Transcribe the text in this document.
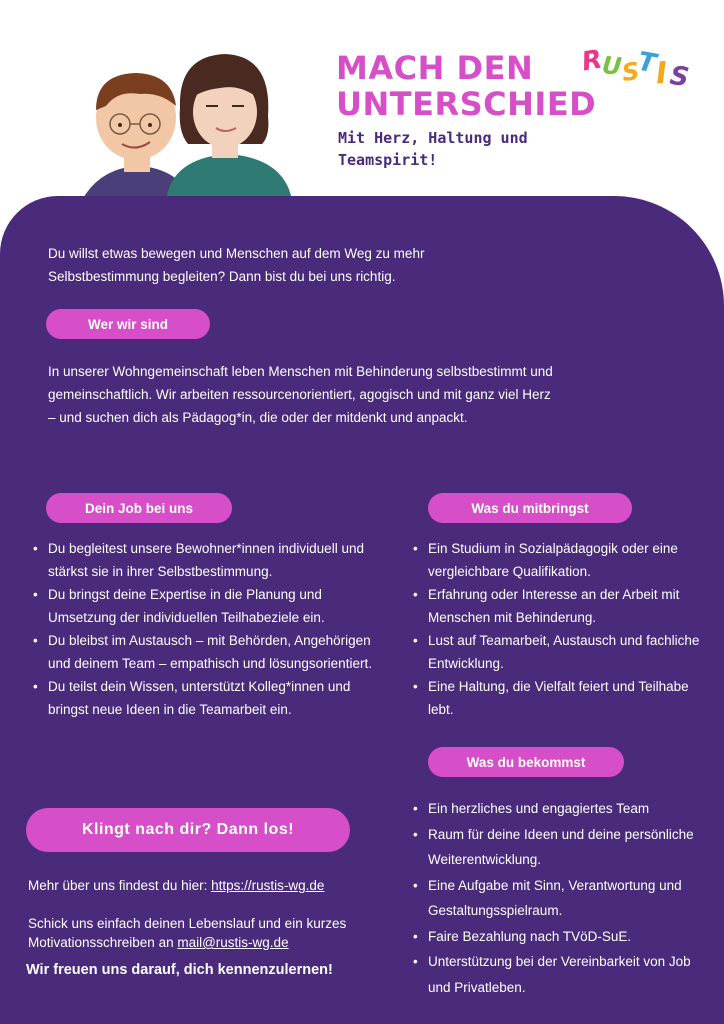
MACH DEN
UNTERSCHIED
Mit Herz, Haltung und Teamspirit!
R
U
S
T
I S

Du willst etwas bewegen und Menschen auf dem Weg zu mehr Selbstbestimmung begleiten? Dann bist du bei uns richtig.

Wer wir sind

In unserer Wohngemeinschaft leben Menschen mit Behinderung selbstbestimmt und gemeinschaftlich. Wir arbeiten ressourcenorientiert, agogisch und mit ganz viel Herz – und suchen dich als Pädagog*in, die oder der mitdenkt und anpackt.

Dein Job bei uns
• Du begleitest unsere Bewohner*innen individuell und stärkst sie in ihrer Selbstbestimmung.
• Du bringst deine Expertise in die Planung und Umsetzung der individuellen Teilhabeziele ein.
• Du bleibst im Austausch – mit Behörden, Angehörigen und deinem Team – empathisch und lösungsorientiert.
• Du teilst dein Wissen, unterstützt Kolleg*innen und bringst neue Ideen in die Teamarbeit ein.
Was du mitbringst
• Ein Studium in Sozialpädagogik oder eine vergleichbare Qualifikation.
• Erfahrung oder Interesse an der Arbeit mit Menschen mit Behinderung.
• Lust auf Teamarbeit, Austausch und fachliche Entwicklung.
• Eine Haltung, die Vielfalt feiert und Teilhabe lebt.
Was du bekommst
• Ein herzliches und engagiertes Team
• Raum für deine Ideen und deine persönliche Weiterentwicklung.
• Eine Aufgabe mit Sinn, Verantwortung und Gestaltungsspielraum.
• Faire Bezahlung nach TVöD-SuE.
• Unterstützung bei der Vereinbarkeit von Job und Privatleben.
Klingt nach dir? Dann los!

Mehr über uns findest du hier: https://rustis-wg.de

Schick uns einfach deinen Lebenslauf und ein kurzes Motivationsschreiben an mail@rustis-wg.de

Wir freuen uns darauf, dich kennenzulernen!
